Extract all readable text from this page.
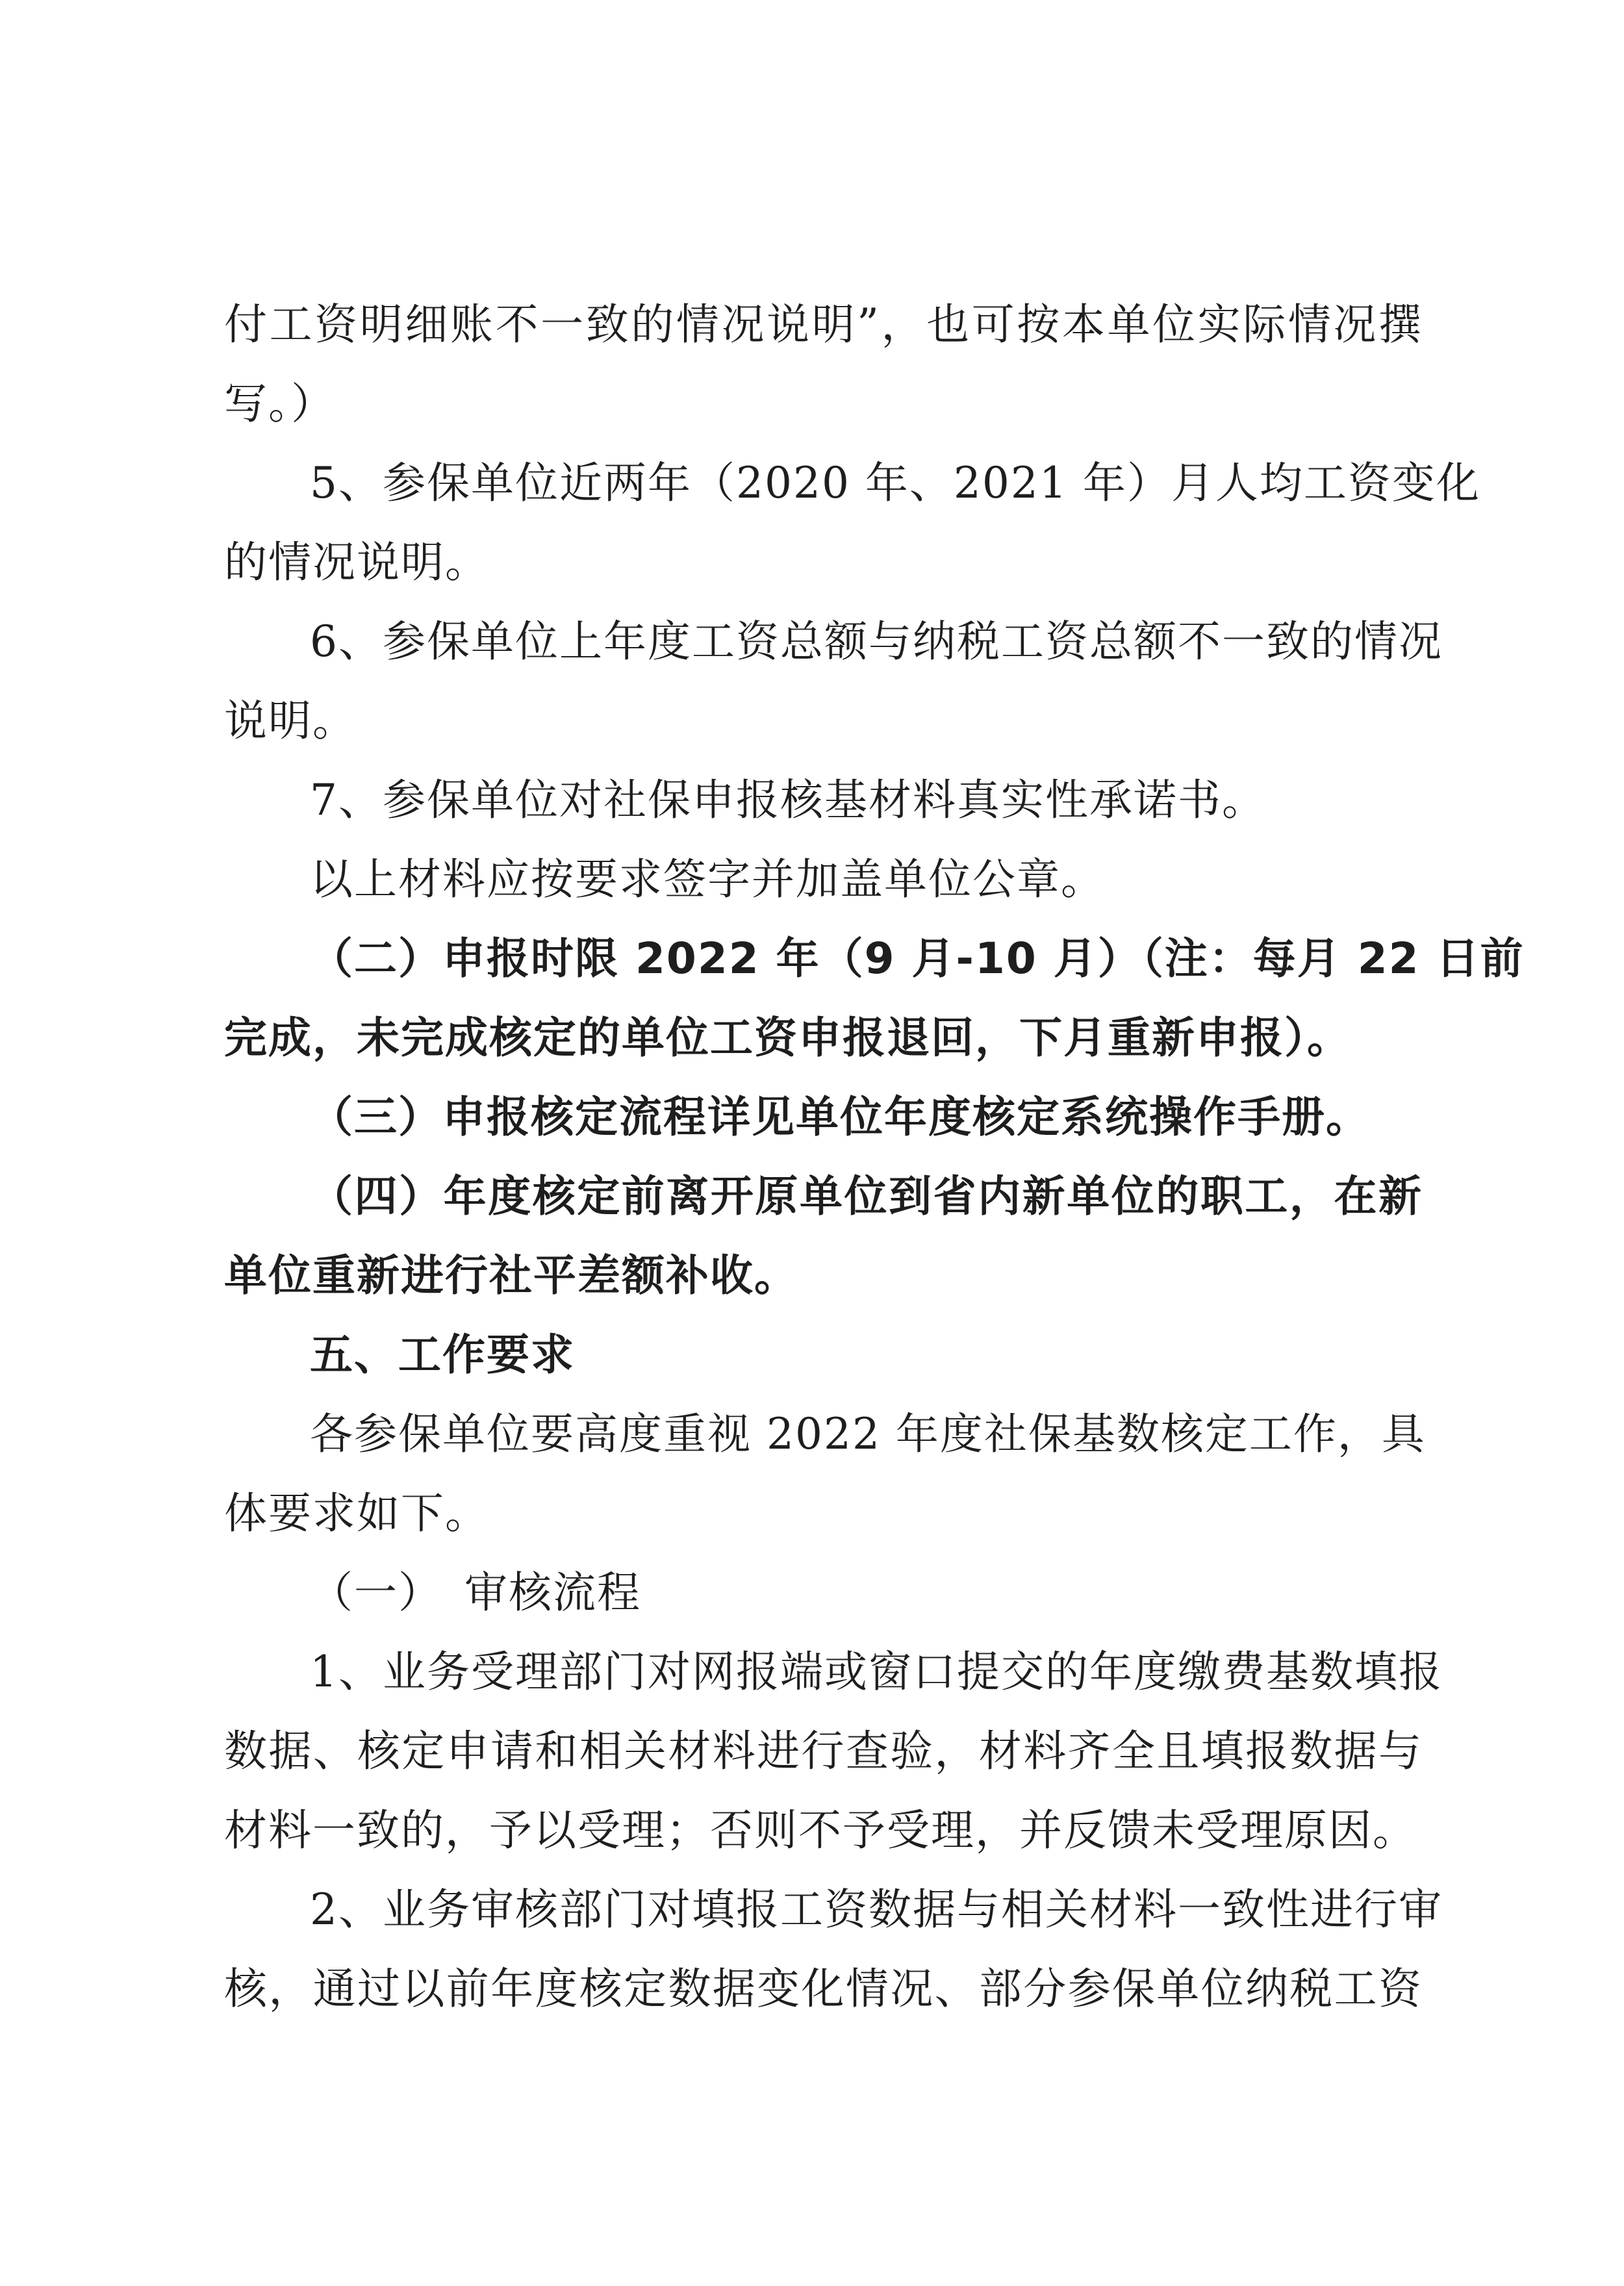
付工资明细账不一致的情况说明”，也可按本单位实际情况撰
写。）
5、参保单位近两年（2020 年、2021 年）月人均工资变化
的情况说明。
6、参保单位上年度工资总额与纳税工资总额不一致的情况
说明。
7、参保单位对社保申报核基材料真实性承诺书。
以上材料应按要求签字并加盖单位公章。
（二）申报时限 2022 年（9 月-10 月）（注：每月 22 日前
完成，未完成核定的单位工资申报退回，下月重新申报）。
（三）申报核定流程详见单位年度核定系统操作手册。
（四）年度核定前离开原单位到省内新单位的职工，在新
单位重新进行社平差额补收。
五、工作要求
各参保单位要高度重视 2022 年度社保基数核定工作，具
体要求如下。
（一） 审核流程
1、业务受理部门对网报端或窗口提交的年度缴费基数填报
数据、核定申请和相关材料进行查验，材料齐全且填报数据与
材料一致的，予以受理；否则不予受理，并反馈未受理原因。
2、业务审核部门对填报工资数据与相关材料一致性进行审
核，通过以前年度核定数据变化情况、部分参保单位纳税工资
